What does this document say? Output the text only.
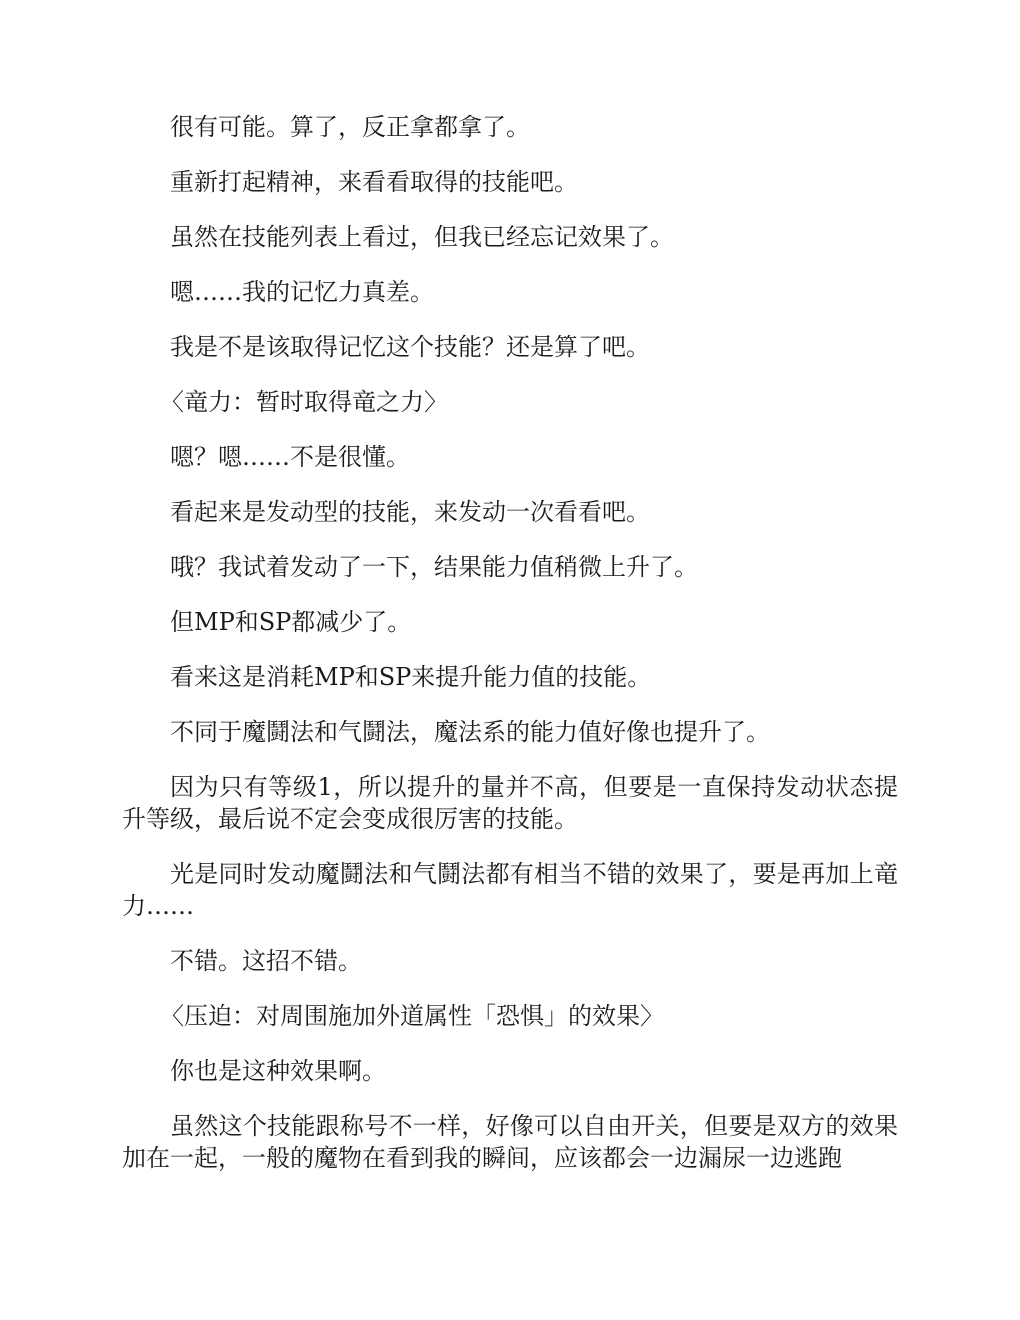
很有可能。算了，反正拿都拿了。

重新打起精神，来看看取得的技能吧。

虽然在技能列表上看过，但我已经忘记效果了。

嗯……我的记忆力真差。

我是不是该取得记忆这个技能？还是算了吧。

〈竜力：暂时取得竜之力〉

嗯？嗯……不是很懂。

看起来是发动型的技能，来发动一次看看吧。

哦？我试着发动了一下，结果能力值稍微上升了。

但MP和SP都减少了。

看来这是消耗MP和SP来提升能力值的技能。

不同于魔鬪法和气鬪法，魔法系的能力值好像也提升了。

因为只有等级1，所以提升的量并不高，但要是一直保持发动状态提升等级，最后说不定会变成很厉害的技能。

光是同时发动魔鬪法和气鬪法都有相当不错的效果了，要是再加上竜力……

不错。这招不错。

〈压迫：对周围施加外道属性「恐惧」的效果〉

你也是这种效果啊。

虽然这个技能跟称号不一样，好像可以自由开关，但要是双方的效果加在一起，一般的魔物在看到我的瞬间，应该都会一边漏尿一边逃跑
